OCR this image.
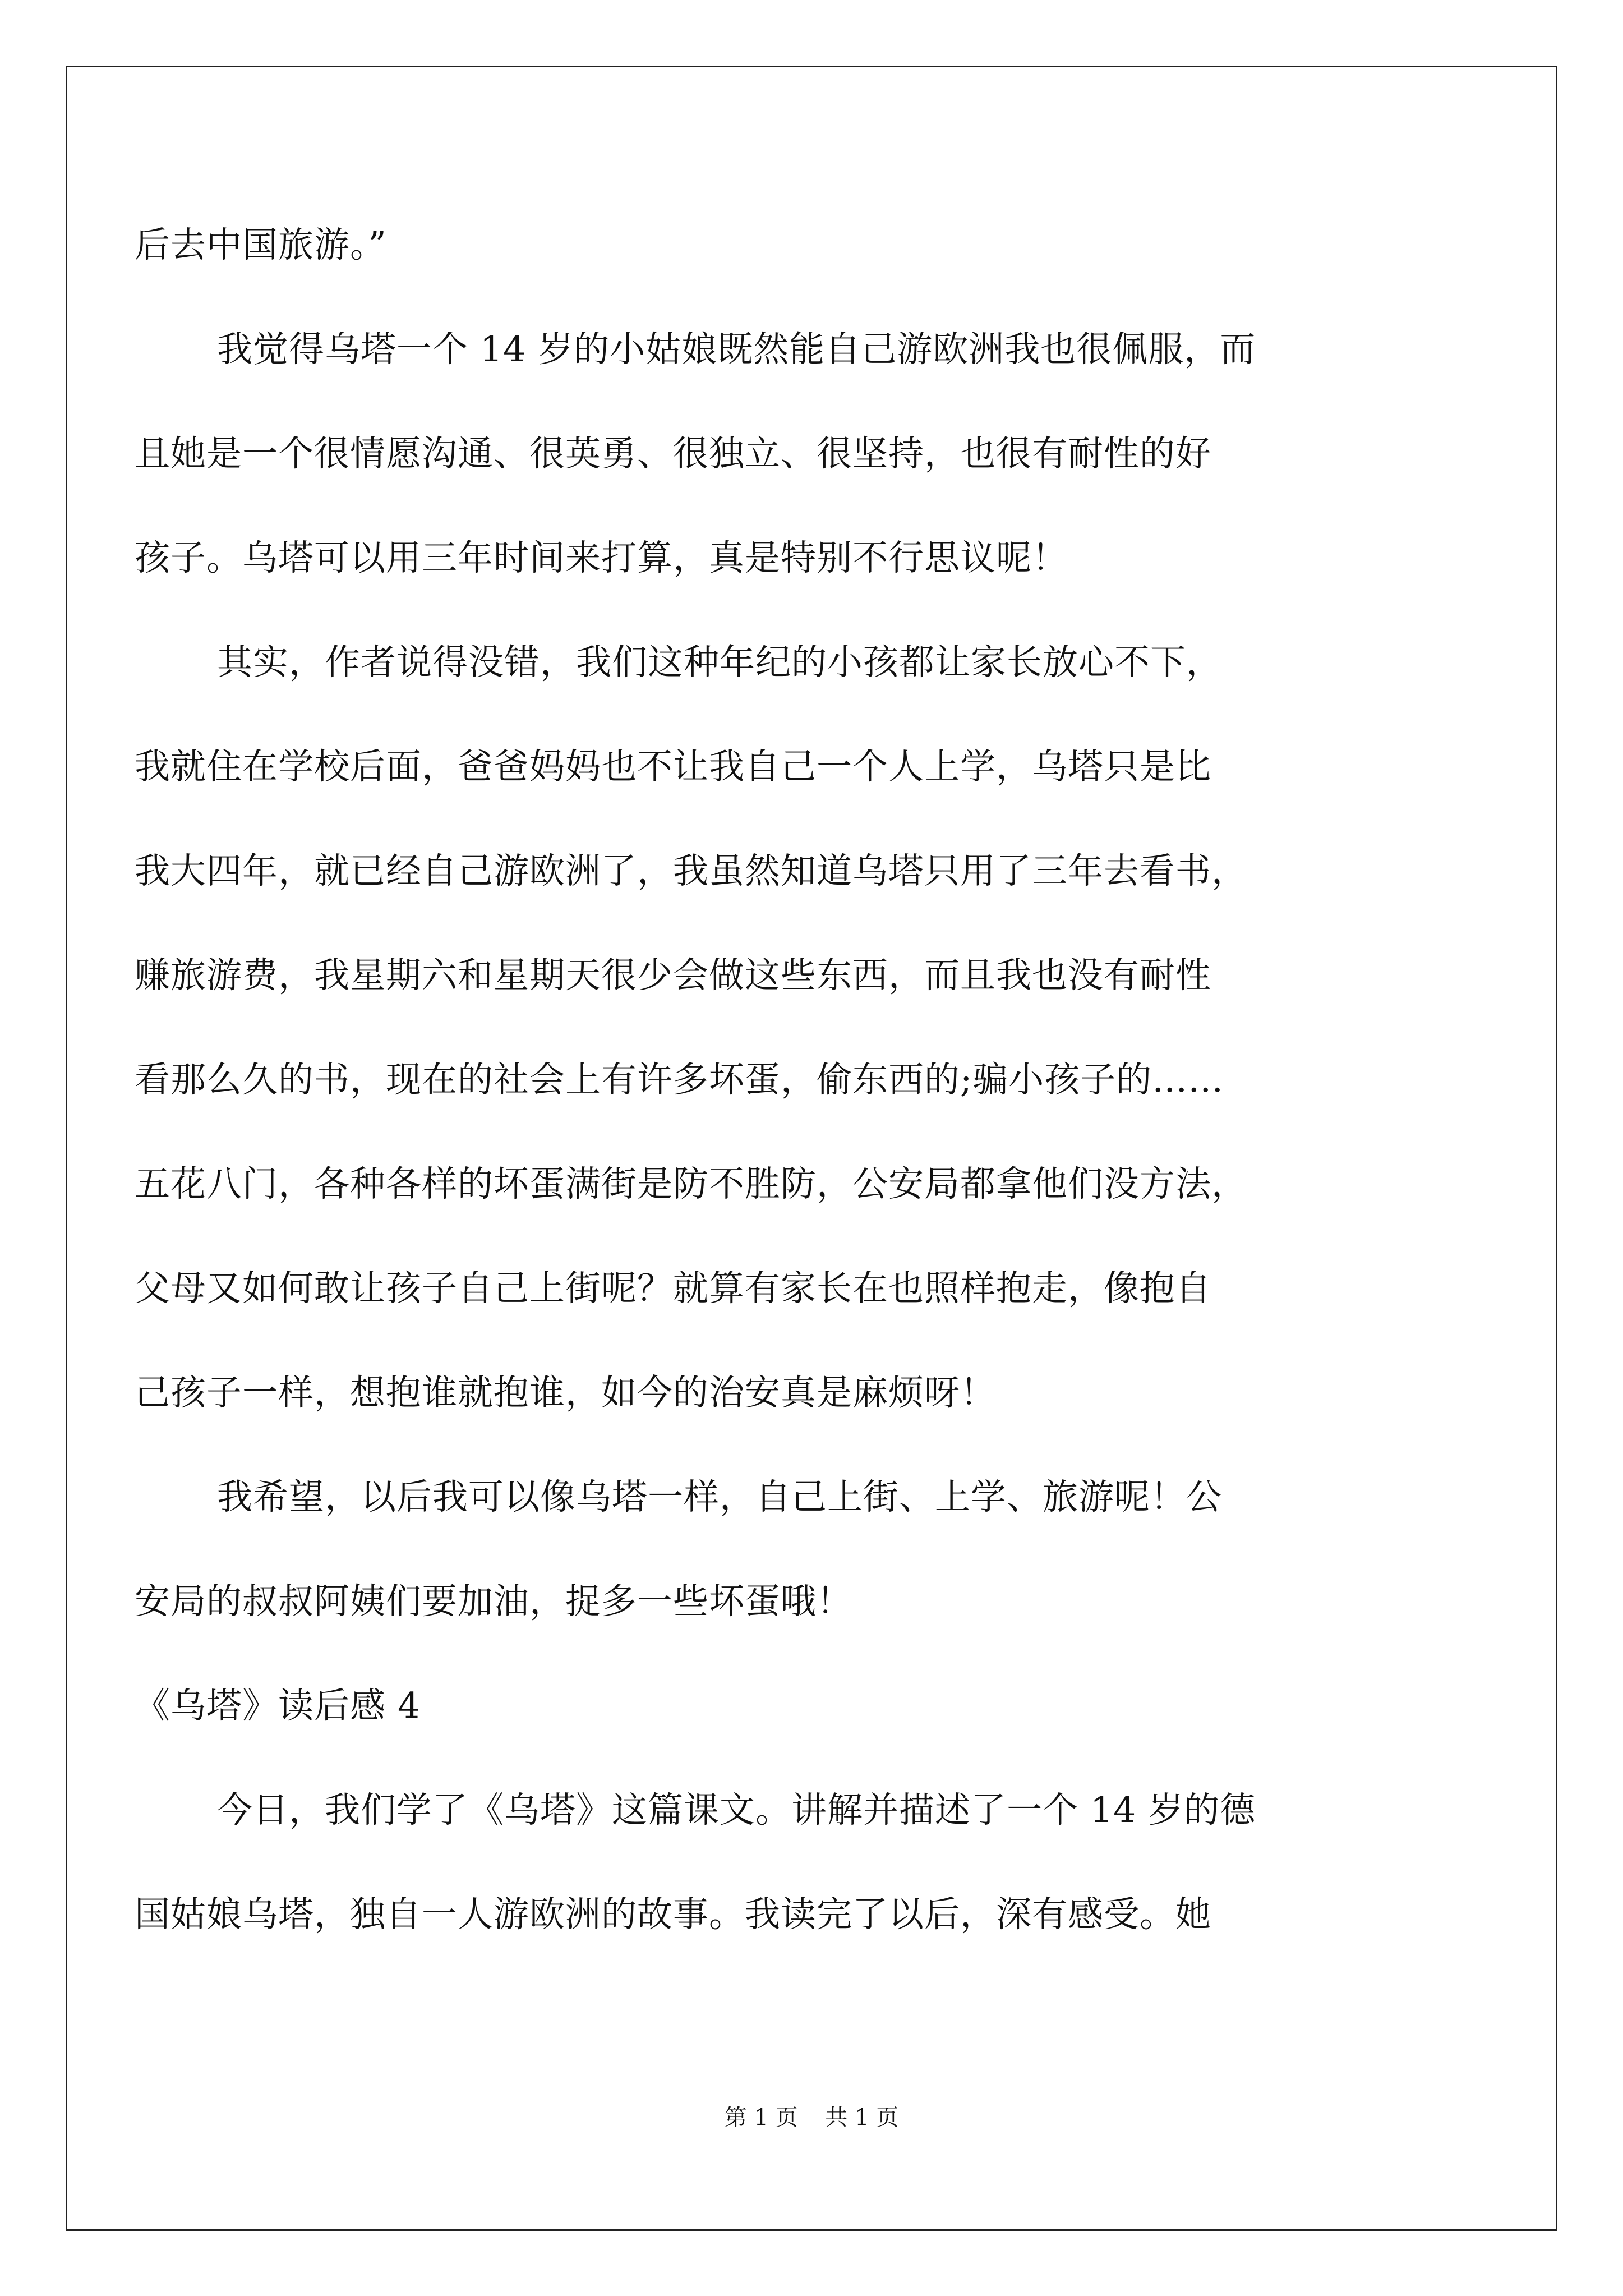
后去中国旅游。”
我觉得乌塔一个 14 岁的小姑娘既然能自己游欧洲我也很佩服，而
且她是一个很情愿沟通、很英勇、很独立、很坚持，也很有耐性的好
孩子。乌塔可以用三年时间来打算，真是特别不行思议呢！
其实，作者说得没错，我们这种年纪的小孩都让家长放心不下，
我就住在学校后面，爸爸妈妈也不让我自己一个人上学，乌塔只是比
我大四年，就已经自己游欧洲了，我虽然知道乌塔只用了三年去看书，
赚旅游费，我星期六和星期天很少会做这些东西，而且我也没有耐性
看那么久的书，现在的社会上有许多坏蛋，偷东西的;骗小孩子的……
五花八门，各种各样的坏蛋满街是防不胜防，公安局都拿他们没方法，
父母又如何敢让孩子自己上街呢？就算有家长在也照样抱走，像抱自
己孩子一样，想抱谁就抱谁，如今的治安真是麻烦呀！
我希望，以后我可以像乌塔一样，自己上街、上学、旅游呢！公
安局的叔叔阿姨们要加油，捉多一些坏蛋哦！
《乌塔》读后感 4
今日，我们学了《乌塔》这篇课文。讲解并描述了一个 14 岁的德
国姑娘乌塔，独自一人游欧洲的故事。我读完了以后，深有感受。她
第 1 页 共 1 页
